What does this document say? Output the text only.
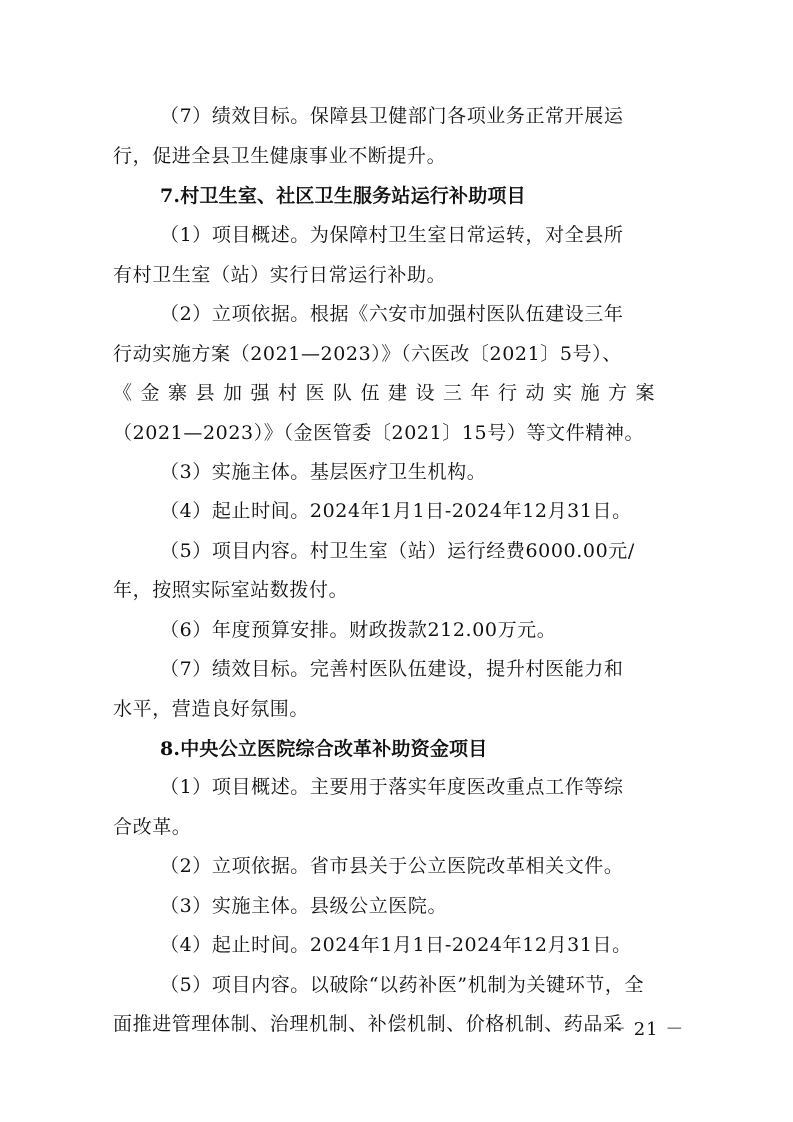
（7）绩效目标。保障县卫健部门各项业务正常开展运
行，促进全县卫生健康事业不断提升。
7.村卫生室、社区卫生服务站运行补助项目
（1）项目概述。为保障村卫生室日常运转，对全县所
有村卫生室（站）实行日常运行补助。
（2）立项依据。根据《六安市加强村医队伍建设三年
行动实施方案（2021—2023）》（六医改〔2021〕5号）、
《金寨县加强村医队伍建设三年行动实施方案
（2021—2023）》（金医管委〔2021〕15号）等文件精神。
（3）实施主体。基层医疗卫生机构。
（4）起止时间。2024年1月1日-2024年12月31日。
（5）项目内容。村卫生室（站）运行经费6000.00元/
年，按照实际室站数拨付。
（6）年度预算安排。财政拨款212.00万元。
（7）绩效目标。完善村医队伍建设，提升村医能力和
水平，营造良好氛围。
8.中央公立医院综合改革补助资金项目
（1）项目概述。主要用于落实年度医改重点工作等综
合改革。
（2）立项依据。省市县关于公立医院改革相关文件。
（3）实施主体。县级公立医院。
（4）起止时间。2024年1月1日-2024年12月31日。
（5）项目内容。以破除“以药补医”机制为关键环节，全
面推进管理体制、治理机制、补偿机制、价格机制、药品采
－ 21 －
